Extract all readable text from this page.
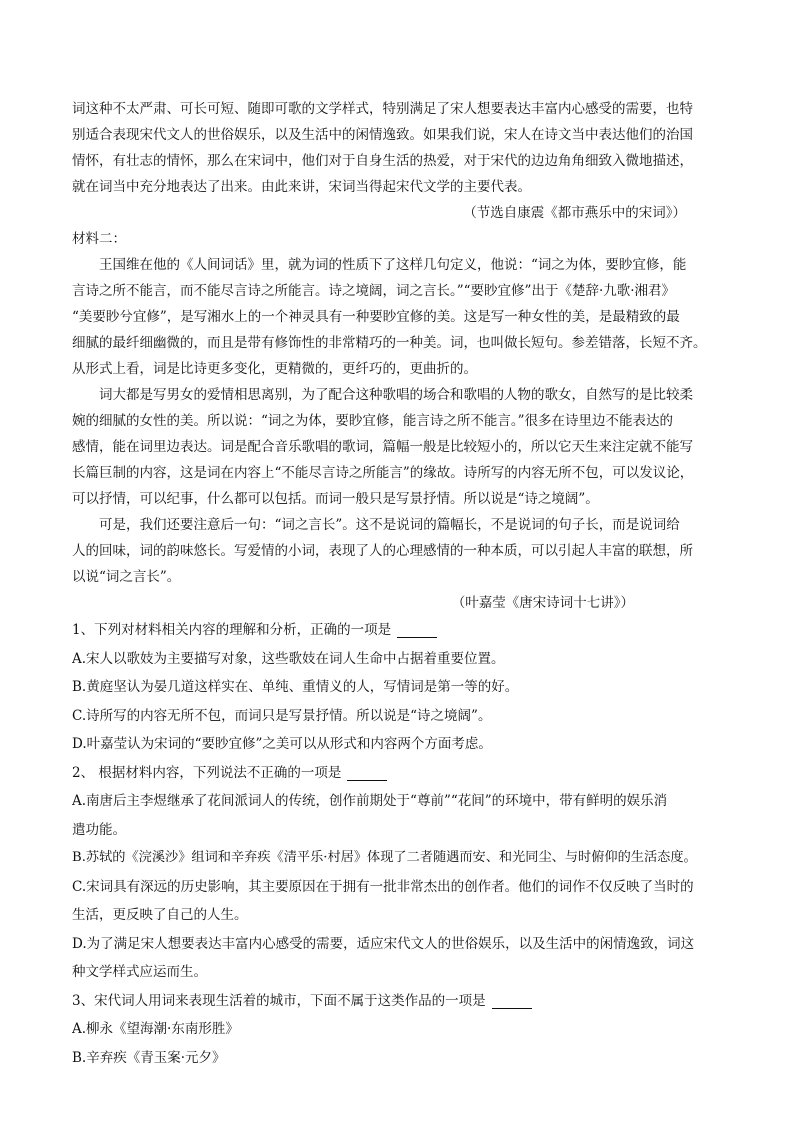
词这种不太严肃、可长可短、随即可歌的文学样式，特别满足了宋人想要表达丰富内心感受的需要，也特
别适合表现宋代文人的世俗娱乐，以及生活中的闲情逸致。如果我们说，宋人在诗文当中表达他们的治国
情怀，有壮志的情怀，那么在宋词中，他们对于自身生活的热爱，对于宋代的边边角角细致入微地描述，
就在词当中充分地表达了出来。由此来讲，宋词当得起宋代文学的主要代表。
（节选自康震《都市燕乐中的宋词》）
材料二：
王国维在他的《人间词话》里，就为词的性质下了这样几句定义，他说：“词之为体，要眇宜修，能
言诗之所不能言，而不能尽言诗之所能言。诗之境阔，词之言长。”“要眇宜修”出于《楚辞·九歌·湘君》
“美要眇兮宜修”，是写湘水上的一个神灵具有一种要眇宜修的美。这是写一种女性的美，是最精致的最
细腻的最纤细幽微的，而且是带有修饰性的非常精巧的一种美。词，也叫做长短句。参差错落，长短不齐。
从形式上看，词是比诗更多变化，更精微的，更纤巧的，更曲折的。
词大都是写男女的爱情相思离别，为了配合这种歌唱的场合和歌唱的人物的歌女，自然写的是比较柔
婉的细腻的女性的美。所以说：“词之为体，要眇宜修，能言诗之所不能言。”很多在诗里边不能表达的
感情，能在词里边表达。词是配合音乐歌唱的歌词，篇幅一般是比较短小的，所以它天生来注定就不能写
长篇巨制的内容，这是词在内容上“不能尽言诗之所能言”的缘故。诗所写的内容无所不包，可以发议论，
可以抒情，可以纪事，什么都可以包括。而词一般只是写景抒情。所以说是“诗之境阔”。
可是，我们还要注意后一句：“词之言长”。这不是说词的篇幅长，不是说词的句子长，而是说词给
人的回味，词的韵味悠长。写爱情的小词，表现了人的心理感情的一种本质，可以引起人丰富的联想，所
以说“词之言长”。
（叶嘉莹《唐宋诗词十七讲》）
1、下列对材料相关内容的理解和分析，正确的一项是
A.宋人以歌妓为主要描写对象，这些歌妓在词人生命中占据着重要位置。
B.黄庭坚认为晏几道这样实在、单纯、重情义的人，写情词是第一等的好。
C.诗所写的内容无所不包，而词只是写景抒情。所以说是“诗之境阔”。
D.叶嘉莹认为宋词的“要眇宜修”之美可以从形式和内容两个方面考虑。
2、 根据材料内容，下列说法不正确的一项是
A.南唐后主李煜继承了花间派词人的传统，创作前期处于“尊前”“花间”的环境中，带有鲜明的娱乐消
遣功能。
B.苏轼的《浣溪沙》组词和辛弃疾《清平乐·村居》体现了二者随遇而安、和光同尘、与时俯仰的生活态度。
C.宋词具有深远的历史影响，其主要原因在于拥有一批非常杰出的创作者。他们的词作不仅反映了当时的
生活，更反映了自己的人生。
D.为了满足宋人想要表达丰富内心感受的需要，适应宋代文人的世俗娱乐，以及生活中的闲情逸致，词这
种文学样式应运而生。
3、宋代词人用词来表现生活着的城市，下面不属于这类作品的一项是
A.柳永《望海潮·东南形胜》
B.辛弃疾《青玉案·元夕》
